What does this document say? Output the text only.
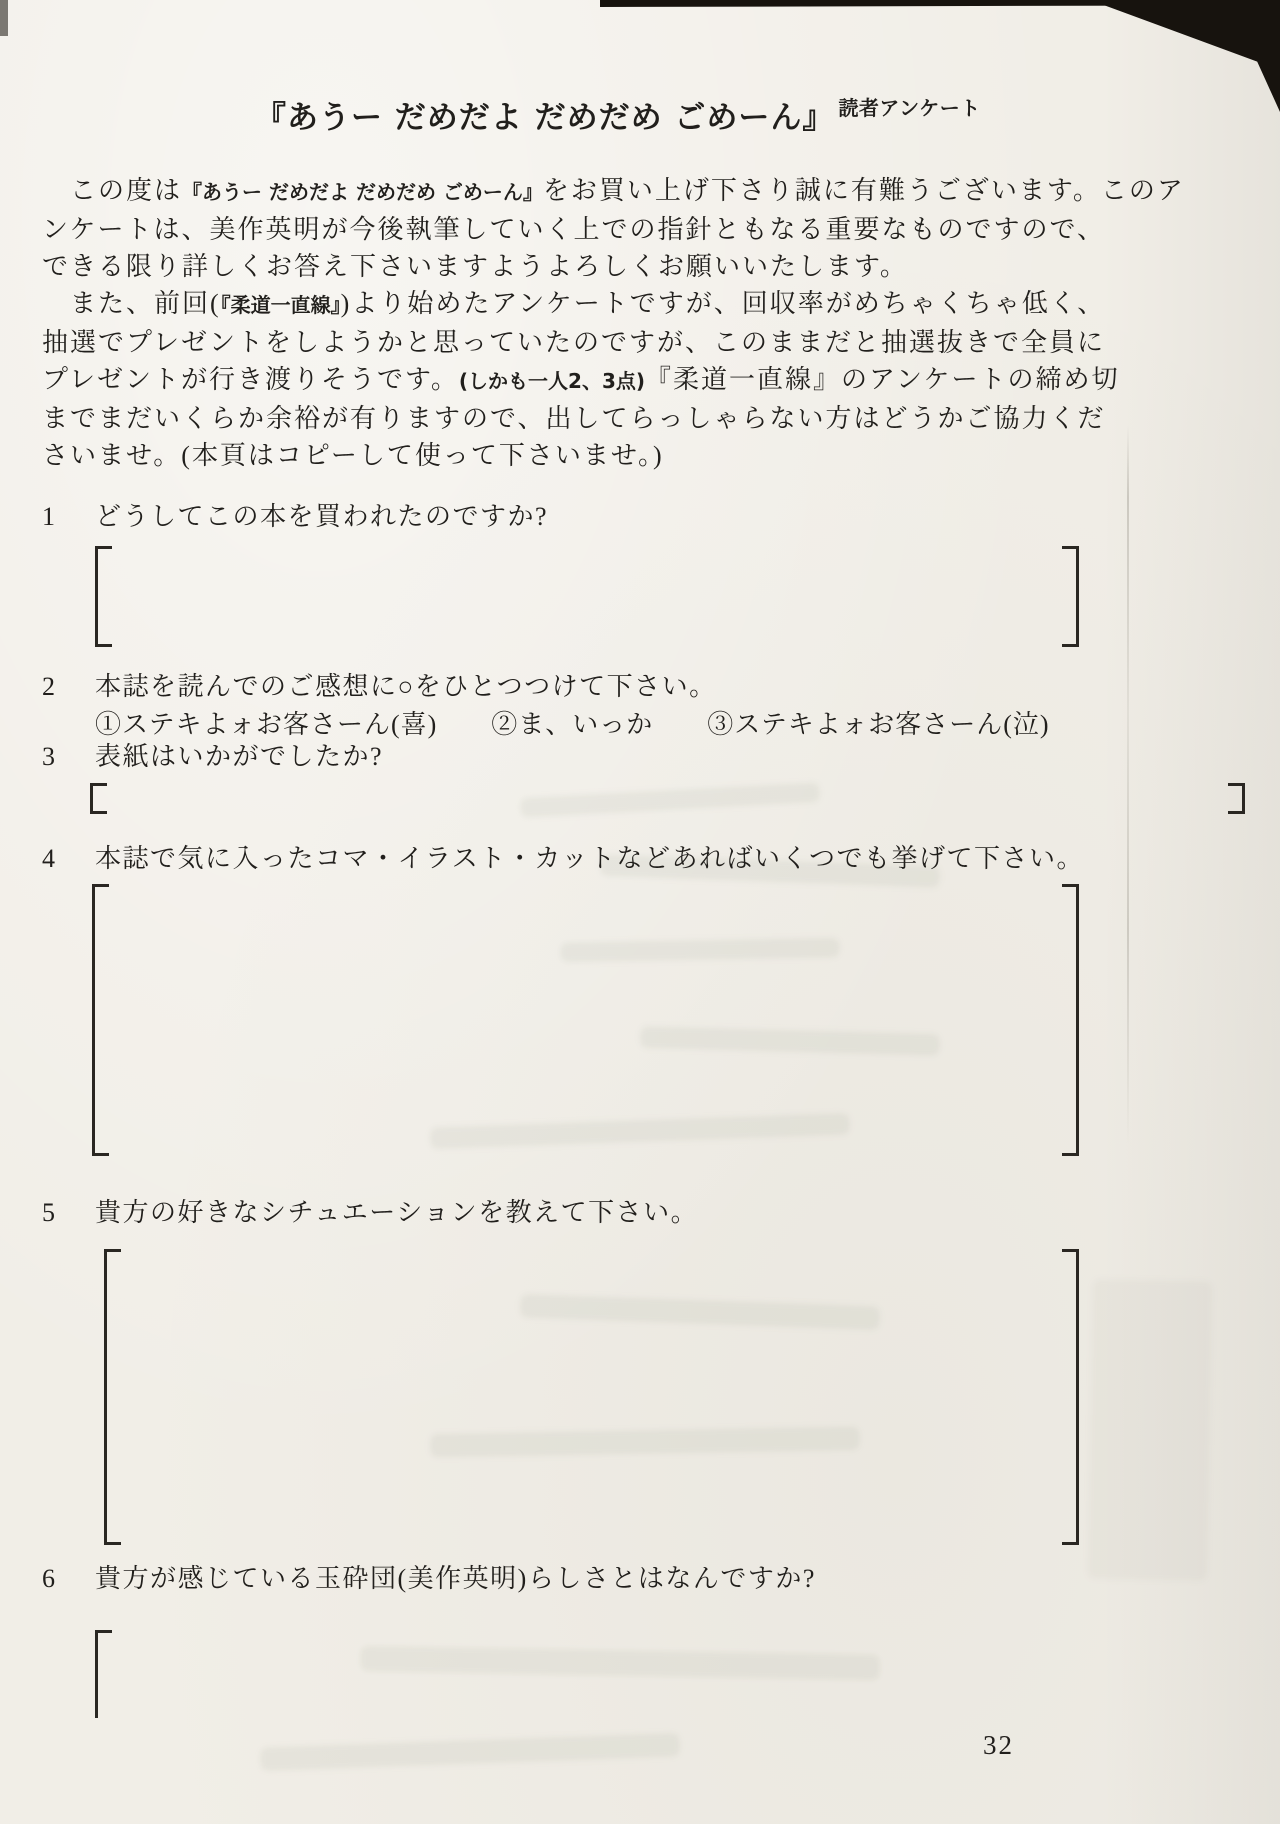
『あうー だめだよ だめだめ ごめーん』 読者アンケート
　この度は『あうー だめだよ だめだめ ごめーん』をお買い上げ下さり誠に有難うございます。このア
ンケートは、美作英明が今後執筆していく上での指針ともなる重要なものですので、
できる限り詳しくお答え下さいますようよろしくお願いいたします。
　また、前回(『柔道一直線』)より始めたアンケートですが、回収率がめちゃくちゃ低く、
抽選でプレゼントをしようかと思っていたのですが、このままだと抽選抜きで全員に
プレゼントが行き渡りそうです。(しかも一人2、3点)『柔道一直線』のアンケートの締め切
までまだいくらか余裕が有りますので、出してらっしゃらない方はどうかご協力くだ
さいませ。(本頁はコピーして使って下さいませ。)
1 どうしてこの本を買われたのですか?
2 本誌を読んでのご感想に○をひとつつけて下さい。
①ステキよォお客さーん(喜)　　②ま、いっか　　③ステキよォお客さーん(泣)
3 表紙はいかがでしたか?
4 本誌で気に入ったコマ・イラスト・カットなどあればいくつでも挙げて下さい。
5 貴方の好きなシチュエーションを教えて下さい。
6 貴方が感じている玉砕団(美作英明)らしさとはなんですか?
32
